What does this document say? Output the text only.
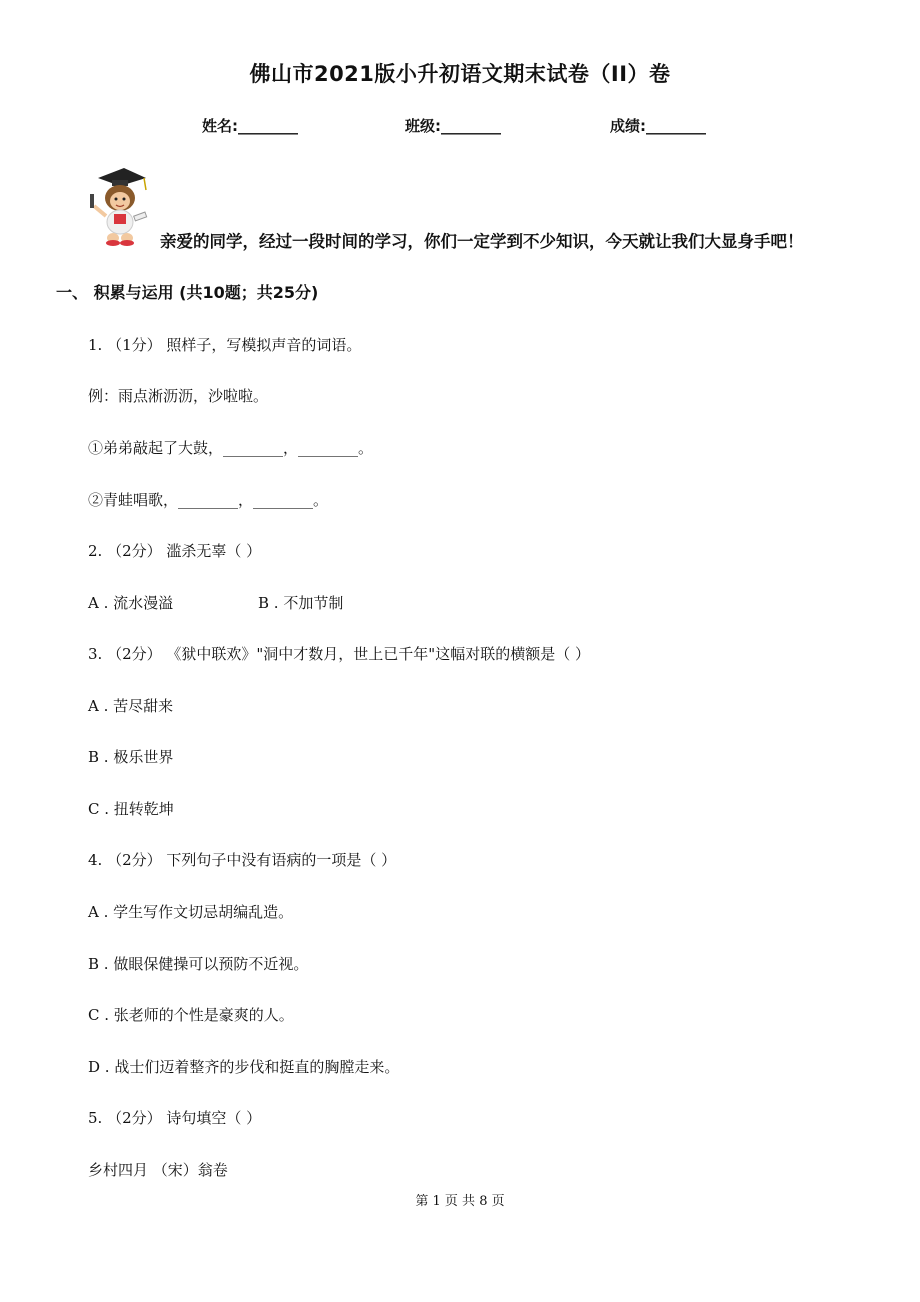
佛山市2021版小升初语文期末试卷（II）卷
姓名:________	班级:________	成绩:________
亲爱的同学，经过一段时间的学习，你们一定学到不少知识，今天就让我们大显身手吧！
一、 积累与运用 (共10题；共25分)
1. （1分） 照样子，写模拟声音的词语。
例：雨点淅沥沥，沙啦啦。
①弟弟敲起了大鼓，________，________。
②青蛙唱歌，________，________。
2. （2分） 滥杀无辜（ ）
A . 流水漫溢	B . 不加节制
3. （2分） 《狱中联欢》"洞中才数月，世上已千年"这幅对联的横额是（ ）
A . 苦尽甜来
B . 极乐世界
C . 扭转乾坤
4. （2分） 下列句子中没有语病的一项是（ ）
A . 学生写作文切忌胡编乱造。
B . 做眼保健操可以预防不近视。
C . 张老师的个性是豪爽的人。
D . 战士们迈着整齐的步伐和挺直的胸膛走来。
5. （2分） 诗句填空（ ）
乡村四月 （宋）翁卷
第 1 页 共 8 页
